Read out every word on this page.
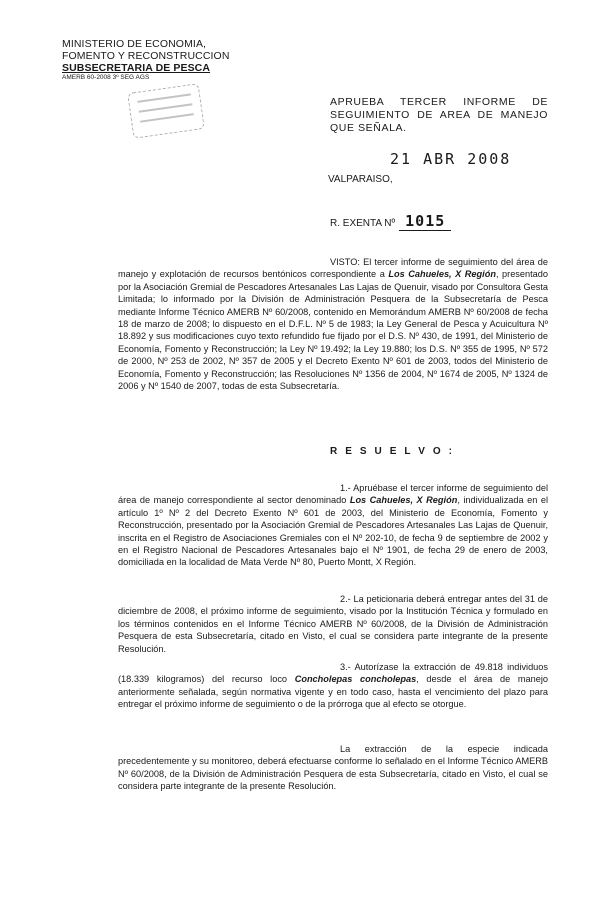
MINISTERIO DE ECONOMIA,
FOMENTO Y RECONSTRUCCION
SUBSECRETARIA DE PESCA
AMERB 60-2008 3º SEG AGS
APRUEBA TERCER INFORME DE SEGUIMIENTO DE AREA DE MANEJO QUE SEÑALA.
21 ABR 2008
VALPARAISO,
R. EXENTA Nº 1015
VISTO: El tercer informe de seguimiento del área de manejo y explotación de recursos bentónicos correspondiente a Los Cahueles, X Región, presentado por la Asociación Gremial de Pescadores Artesanales Las Lajas de Quenuir, visado por Consultora Gesta Limitada; lo informado por la División de Administración Pesquera de la Subsecretaría de Pesca mediante Informe Técnico AMERB Nº 60/2008, contenido en Memorándum AMERB Nº 60/2008 de fecha 18 de marzo de 2008; lo dispuesto en el D.F.L. Nº 5 de 1983; la Ley General de Pesca y Acuicultura Nº 18.892 y sus modificaciones cuyo texto refundido fue fijado por el D.S. Nº 430, de 1991, del Ministerio de Economía, Fomento y Reconstrucción; la Ley Nº 19.492; la Ley 19.880; los D.S. Nº 355 de 1995, Nº 572 de 2000, Nº 253 de 2002, Nº 357 de 2005 y el Decreto Exento Nº 601 de 2003, todos del Ministerio de Economía, Fomento y Reconstrucción; las Resoluciones Nº 1356 de 2004, Nº 1674 de 2005, Nº 1324 de 2006 y Nº 1540 de 2007, todas de esta Subsecretaría.
R E S U E L V O :
1.- Apruébase el tercer informe de seguimiento del área de manejo correspondiente al sector denominado Los Cahueles, X Región, individualizada en el artículo 1º Nº 2 del Decreto Exento Nº 601 de 2003, del Ministerio de Economía, Fomento y Reconstrucción, presentado por la Asociación Gremial de Pescadores Artesanales Las Lajas de Quenuir, inscrita en el Registro de Asociaciones Gremiales con el Nº 202-10, de fecha 9 de septiembre de 2002 y en el Registro Nacional de Pescadores Artesanales bajo el Nº 1901, de fecha 29 de enero de 2003, domiciliada en la localidad de Mata Verde Nº 80, Puerto Montt, X Región.
2.- La peticionaria deberá entregar antes del 31 de diciembre de 2008, el próximo informe de seguimiento, visado por la Institución Técnica y formulado en los términos contenidos en el Informe Técnico AMERB Nº 60/2008, de la División de Administración Pesquera de esta Subsecretaría, citado en Visto, el cual se considera parte integrante de la presente Resolución.
3.- Autorízase la extracción de 49.818 individuos (18.339 kilogramos) del recurso loco Concholepas concholepas, desde el área de manejo anteriormente señalada, según normativa vigente y en todo caso, hasta el vencimiento del plazo para entregar el próximo informe de seguimiento o de la prórroga que al efecto se otorgue.
La extracción de la especie indicada precedentemente y su monitoreo, deberá efectuarse conforme lo señalado en el Informe Técnico AMERB Nº 60/2008, de la División de Administración Pesquera de esta Subsecretaría, citado en Visto, el cual se considera parte integrante de la presente Resolución.
